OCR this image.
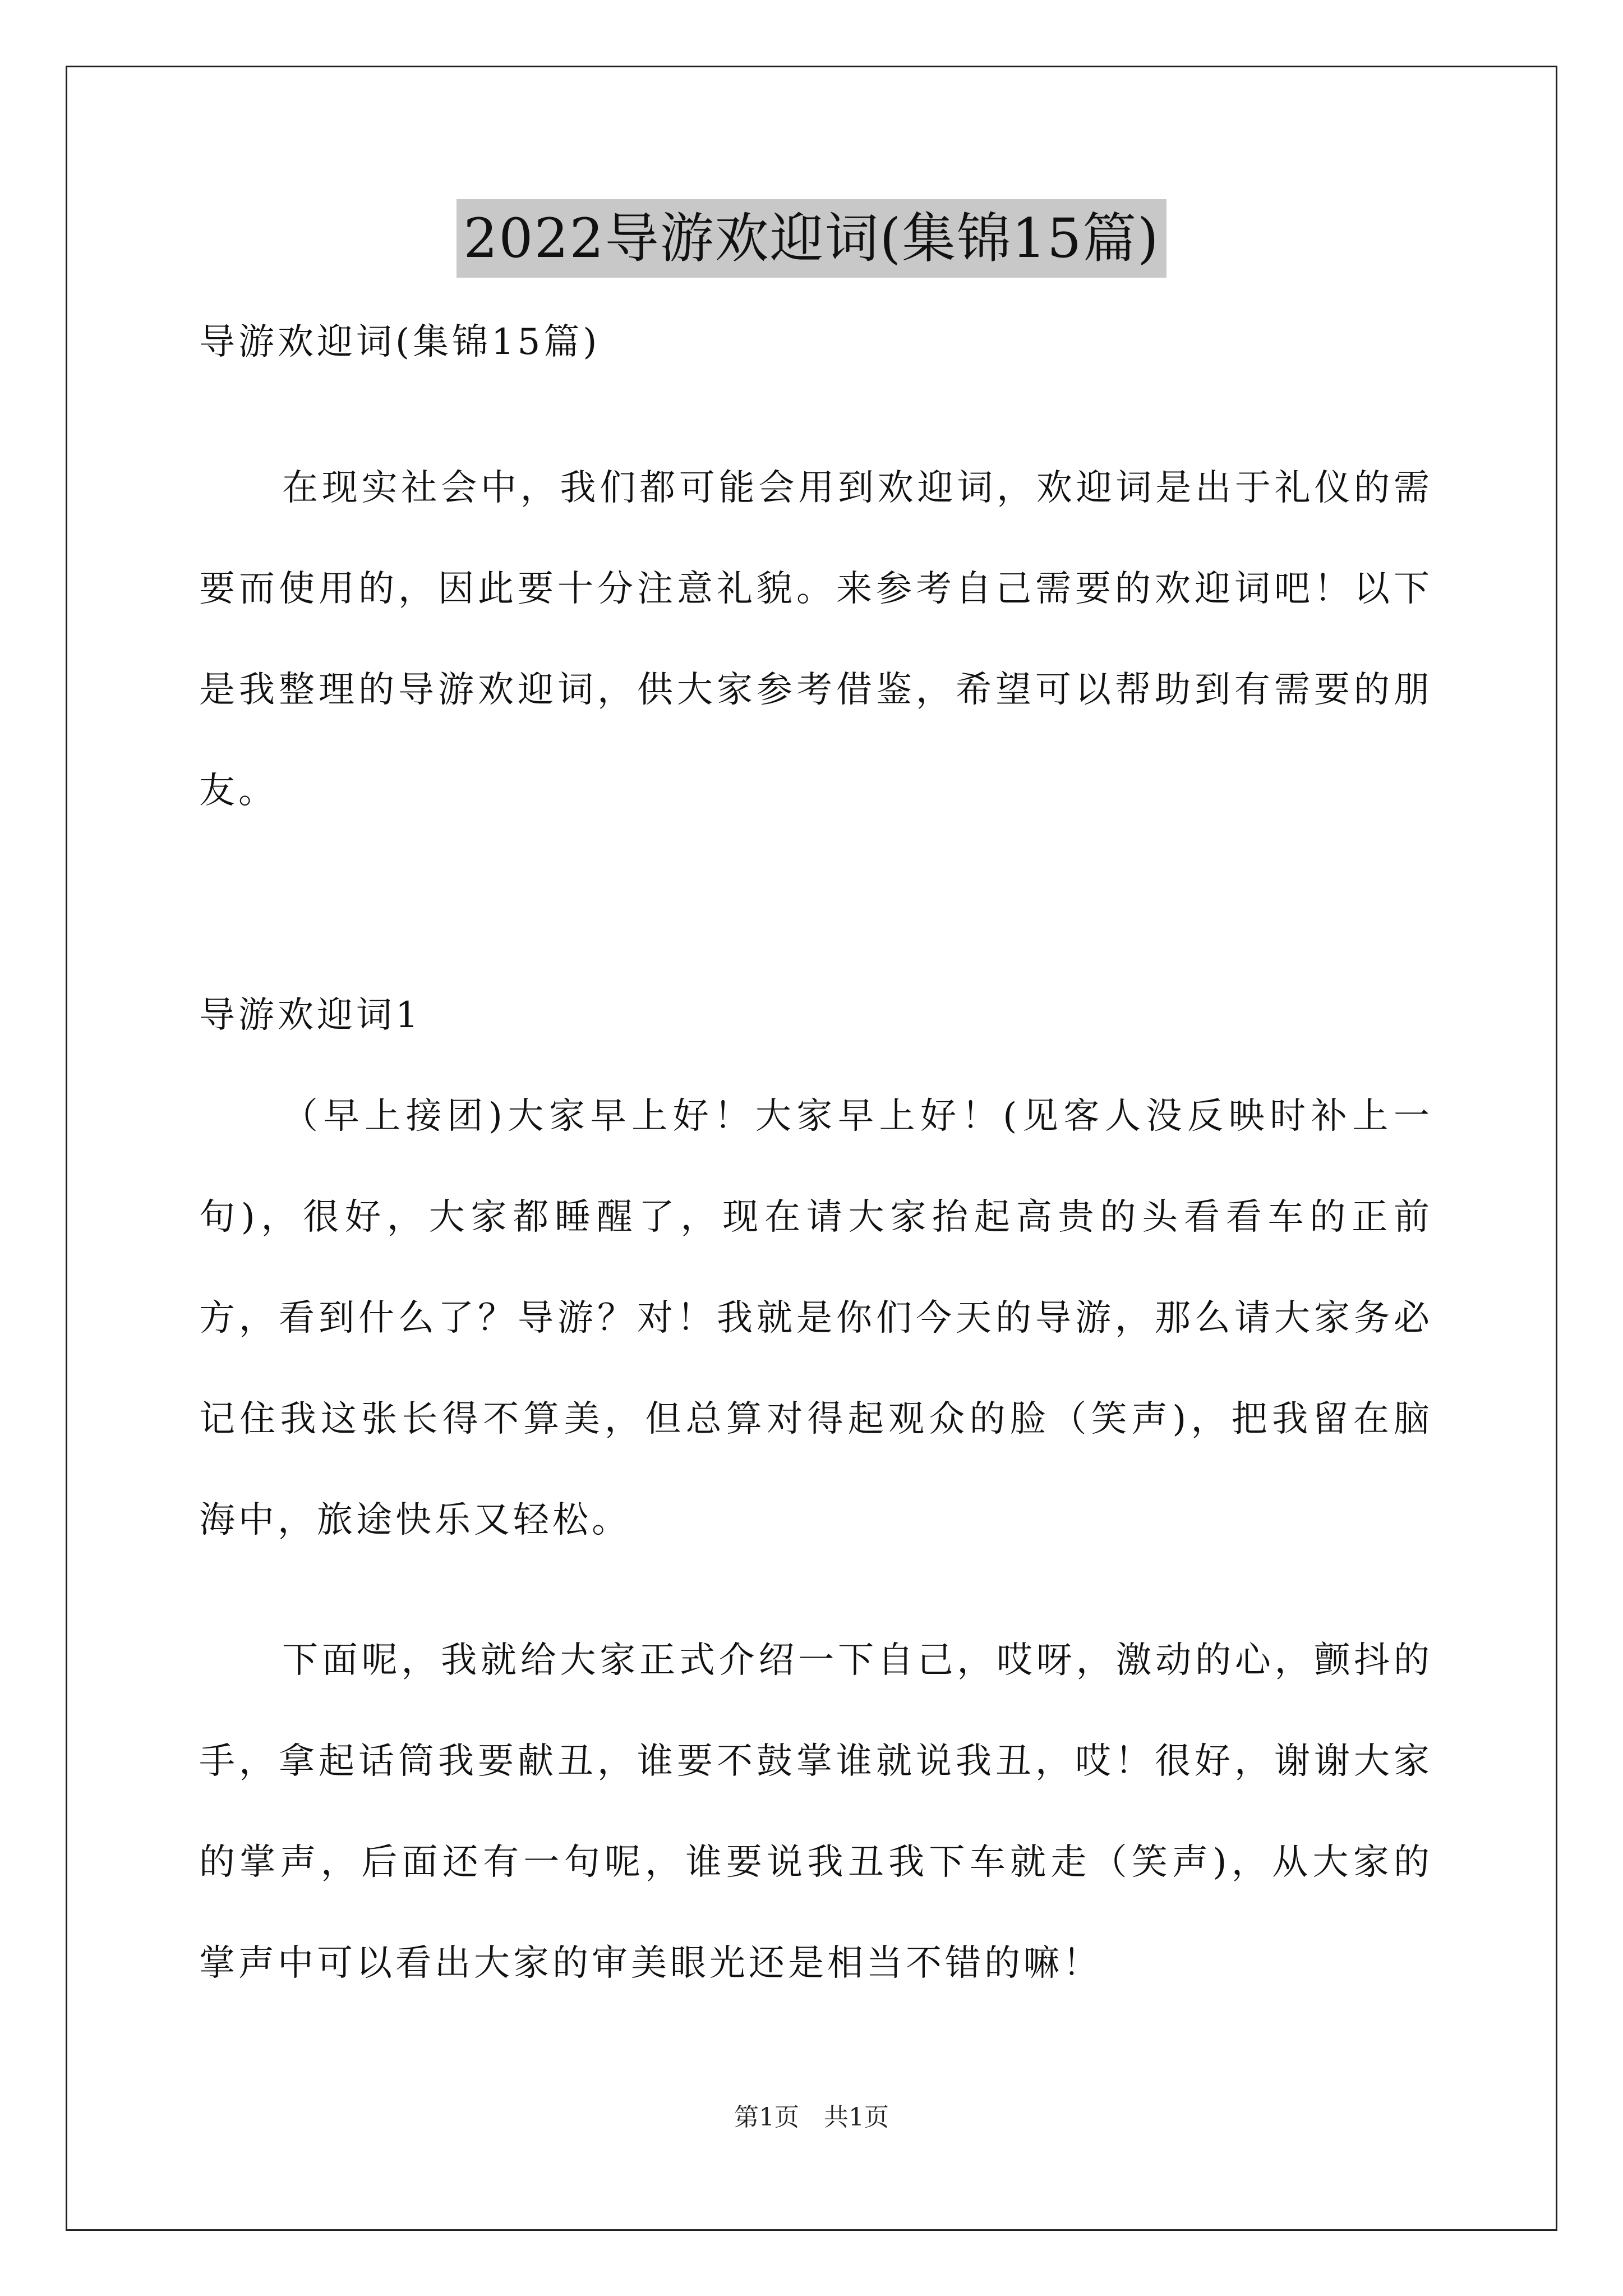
2022导游欢迎词(集锦15篇)

导游欢迎词(集锦15篇)

在现实社会中，我们都可能会用到欢迎词，欢迎词是出于礼仪的需要而使用的，因此要十分注意礼貌。来参考自己需要的欢迎词吧！以下是我整理的导游欢迎词，供大家参考借鉴，希望可以帮助到有需要的朋友。

导游欢迎词1

（早上接团)大家早上好！大家早上好！(见客人没反映时补上一句)，很好，大家都睡醒了，现在请大家抬起高贵的头看看车的正前方，看到什么了？导游？对！我就是你们今天的导游，那么请大家务必记住我这张长得不算美，但总算对得起观众的脸（笑声)，把我留在脑海中，旅途快乐又轻松。

下面呢，我就给大家正式介绍一下自己，哎呀，激动的心，颤抖的手，拿起话筒我要献丑，谁要不鼓掌谁就说我丑，哎！很好，谢谢大家的掌声，后面还有一句呢，谁要说我丑我下车就走（笑声)，从大家的掌声中可以看出大家的审美眼光还是相当不错的嘛！

第1页　共1页
